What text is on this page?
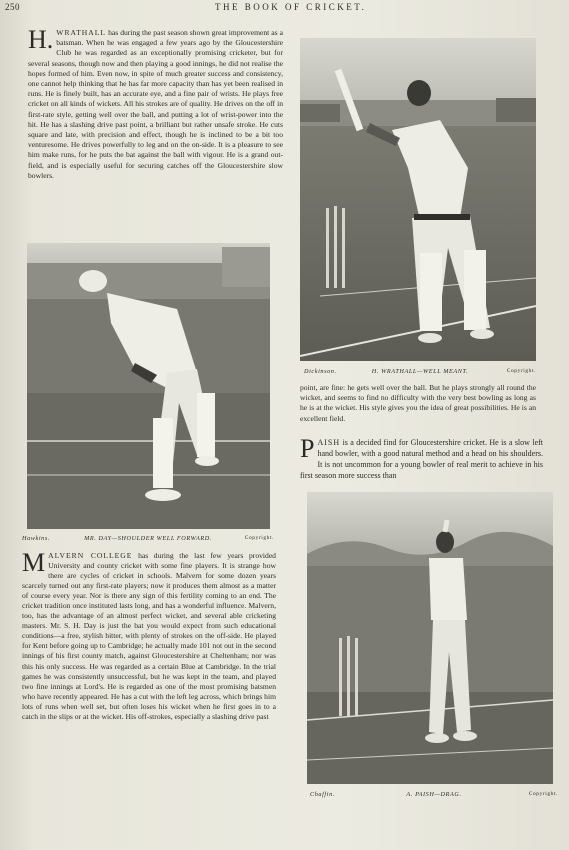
250	THE BOOK OF CRICKET.

H. WRATHALL has during the past season shown great improvement as a batsman. When he was engaged a few years ago by the Gloucestershire Club he was regarded as an exceptionally promising cricketer, but for several seasons, though now and then playing a good innings, he did not realise the hopes formed of him. Even now, in spite of much greater success and consistency, one cannot help thinking that he has far more capacity than has yet been realised in runs. He is finely built, has an accurate eye, and a fine pair of wrists. He plays free cricket on all kinds of wickets. All his strokes are of quality. He drives on the off in first-rate style, getting well over the ball, and putting a lot of wrist-power into the hit. He has a slashing drive past point, a brilliant but rather unsafe stroke. He cuts square and late, with precision and effect, though he is inclined to be a bit too venturesome. He drives powerfully to leg and on the on-side. It is a pleasure to see him make runs, for he puts the bat against the ball with vigour. He is a grand out-field, and is especially useful for securing catches off the Gloucestershire slow bowlers.

Dickinson.	H. WRATHALL—WELL MEANT.	Copyright.

point, are fine: he gets well over the ball. But he plays strongly all round the wicket, and seems to find no difficulty with the very best bowling as long as he is at the wicket. His style gives you the idea of great possibilities. He is an excellent field.

P AISH is a decided find for Gloucestershire cricket. He is a slow left hand bowler, with a good natural method and a head on his shoulders. It is not uncommon for a young bowler of real merit to achieve in his first season more success than

Hawkins.	MR. DAY—SHOULDER WELL FORWARD.	Copyright.

M ALVERN COLLEGE has during the last few years provided University and county cricket with some fine players. It is strange how there are cycles of cricket in schools. Malvern for some dozen years scarcely turned out any first-rate players; now it produces them almost as a matter of course every year. Nor is there any sign of this fertility coming to an end. The cricket tradition once instituted lasts long, and has a wonderful influence. Malvern, too, has the advantage of an almost perfect wicket, and several able cricketing masters. Mr. S. H. Day is just the bat you would expect from such educational conditions—a free, stylish hitter, with plenty of strokes on the off-side. He played for Kent before going up to Cambridge; he actually made 101 not out in the second innings of his first county match, against Gloucestershire at Cheltenham; nor was this his only success. He was regarded as a certain Blue at Cambridge. In the trial games he was consistently unsuccessful, but he was kept in the team, and played two fine innings at Lord's. He is regarded as one of the most promising batsmen who have recently appeared. He has a cut with the left leg across, which brings him lots of runs when well set, but often loses his wicket when he first goes in to a catch in the slips or at the wicket. His off-strokes, especially a slashing drive past

Chaffin.	A. PAISH—DRAG.	Copyright.
